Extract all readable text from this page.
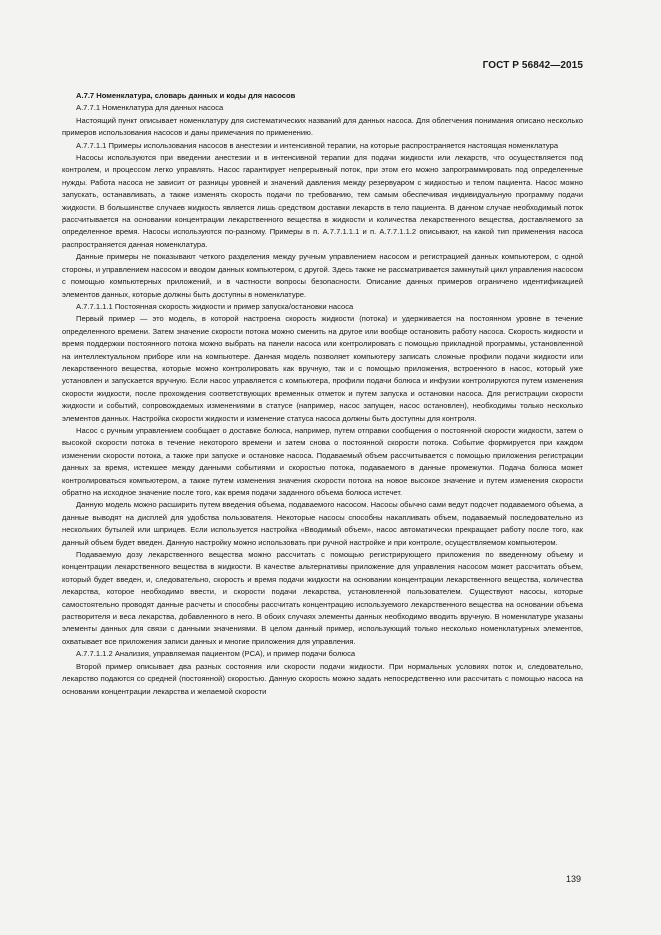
ГОСТ Р 56842—2015

А.7.7 Номенклатура, словарь данных и коды для насосов

А.7.7.1 Номенклатура для данных насоса

Настоящий пункт описывает номенклатуру для систематических названий для данных насоса. Для облегчения понимания описано несколько примеров использования насосов и даны примечания по применению.

А.7.7.1.1 Примеры использования насосов в анестезии и интенсивной терапии, на которые распространяется настоящая номенклатура

Насосы используются при введении анестезии и в интенсивной терапии для подачи жидкости или лекарств, что осуществляется под контролем, и процессом легко управлять. Насос гарантирует непрерывный поток, при этом его можно запрограммировать под определенные нужды. Работа насоса не зависит от разницы уровней и значений давления между резервуаром с жидкостью и телом пациента. Насос можно запускать, останавливать, а также изменять скорость подачи по требованию, тем самым обеспечивая индивидуальную программу подачи жидкости. В большинстве случаев жидкость является лишь средством доставки лекарств в тело пациента. В данном случае необходимый поток рассчитывается на основании концентрации лекарственного вещества в жидкости и количества лекарственного вещества, доставляемого за определенное время. Насосы используются по-разному. Примеры в п. А.7.7.1.1.1 и п. А.7.7.1.1.2 описывают, на какой тип применения насоса распространяется данная номенклатура.

Данные примеры не показывают четкого разделения между ручным управлением насосом и регистрацией данных компьютером, с одной стороны, и управлением насосом и вводом данных компьютером, с другой. Здесь также не рассматривается замкнутый цикл управления насосом с помощью компьютерных приложений, и в частности вопросы безопасности. Описание данных примеров ограничено идентификацией элементов данных, которые должны быть доступны в номенклатуре.

А.7.7.1.1.1 Постоянная скорость жидкости и пример запуска/остановки насоса

Первый пример — это модель, в которой настроена скорость жидкости (потока) и удерживается на постоянном уровне в течение определенного времени. Затем значение скорости потока можно сменить на другое или вообще остановить работу насоса. Скорость жидкости и время поддержки постоянного потока можно выбрать на панели насоса или контролировать с помощью прикладной программы, установленной на интеллектуальном приборе или на компьютере. Данная модель позволяет компьютеру записать сложные профили подачи жидкости или лекарственного вещества, которые можно контролировать как вручную, так и с помощью приложения, встроенного в насос, который уже установлен и запускается вручную. Если насос управляется с компьютера, профили подачи болюса и инфузии контролируются путем изменения скорости жидкости, после прохождения соответствующих временных отметок и путем запуска и остановки насоса. Для регистрации скорости жидкости и событий, сопровождаемых изменениями в статусе (например, насос запущен, насос остановлен), необходимы только несколько элементов данных. Настройка скорости жидкости и изменение статуса насоса должны быть доступны для контроля.

Насос с ручным управлением сообщает о доставке болюса, например, путем отправки сообщения о постоянной скорости жидкости, затем о высокой скорости потока в течение некоторого времени и затем снова о постоянной скорости потока. Событие формируется при каждом изменении скорости потока, а также при запуске и остановке насоса. Подаваемый объем рассчитывается с помощью приложения регистрации данных за время, истекшее между данными событиями и скоростью потока, подаваемого в данные промежутки. Подача болюса может контролироваться компьютером, а также путем изменения значения скорости потока на новое высокое значение и путем изменения скорости обратно на исходное значение после того, как время подачи заданного объема болюса истечет.

Данную модель можно расширить путем введения объема, подаваемого насосом. Насосы обычно сами ведут подсчет подаваемого объема, а данные выводят на дисплей для удобства пользователя. Некоторые насосы способны накапливать объем, подаваемый последовательно из нескольких бутылей или шприцев. Если используется настройка «Вводимый объем», насос автоматически прекращает работу после того, как данный объем будет введен. Данную настройку можно использовать при ручной настройке и при контроле, осуществляемом компьютером.

Подаваемую дозу лекарственного вещества можно рассчитать с помощью регистрирующего приложения по введенному объему и концентрации лекарственного вещества в жидкости. В качестве альтернативы приложение для управления насосом может рассчитать объем, который будет введен, и, следовательно, скорость и время подачи жидкости на основании концентрации лекарственного вещества, количества лекарства, которое необходимо ввести, и скорости подачи лекарства, установленной пользователем. Существуют насосы, которые самостоятельно проводят данные расчеты и способны рассчитать концентрацию используемого лекарственного вещества на основании объема растворителя и веса лекарства, добавленного в него. В обоих случаях элементы данных необходимо вводить вручную. В номенклатуре указаны элементы данных для связи с данными значениями. В целом данный пример, использующий только несколько номенклатурных элементов, охватывает все приложения записи данных и многие приложения для управления.

А.7.7.1.1.2 Анализия, управляемая пациентом (PCA), и пример подачи болюса

Второй пример описывает два разных состояния или скорости подачи жидкости. При нормальных условиях поток и, следовательно, лекарство подаются со средней (постоянной) скоростью. Данную скорость можно задать непосредственно или рассчитать с помощью насоса на основании концентрации лекарства и желаемой скорости

139
